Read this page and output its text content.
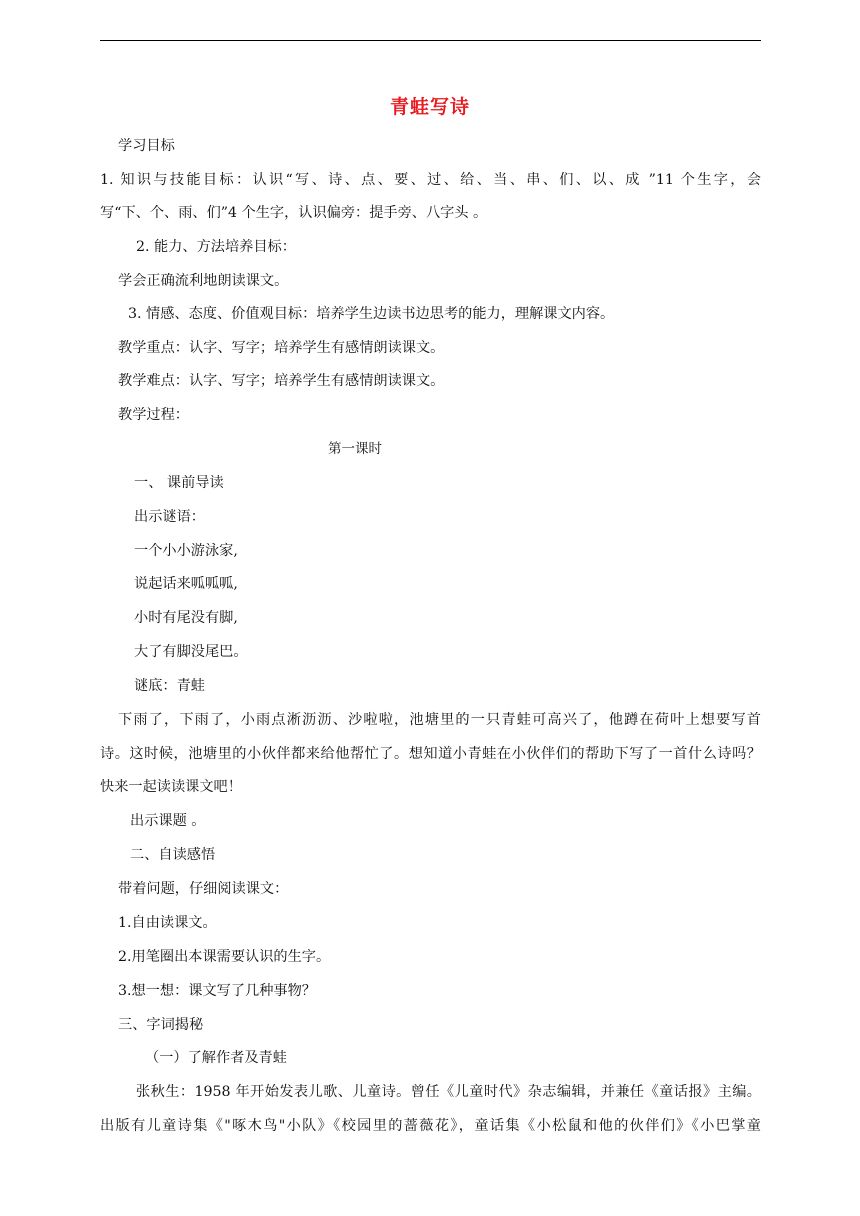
青蛙写诗
学习目标
1. 知识与技能目标：认识“写、诗、点、要、过、给、当、串、们、以、成 ”11 个生字，会
写“下、个、雨、们”4 个生字，认识偏旁：提手旁、八字头 。
2. 能力、方法培养目标：
学会正确流利地朗读课文。
3. 情感、态度、价值观目标：培养学生边读书边思考的能力，理解课文内容。
教学重点：认字、写字；培养学生有感情朗读课文。
教学难点：认字、写字；培养学生有感情朗读课文。
教学过程：
第一课时
一、 课前导读
出示谜语：
一个小小游泳家,
说起话来呱呱呱,
小时有尾没有脚,
大了有脚没尾巴。
谜底：青蛙
下雨了，下雨了，小雨点淅沥沥、沙啦啦，池塘里的一只青蛙可高兴了，他蹲在荷叶上想要写首
诗。这时候，池塘里的小伙伴都来给他帮忙了。想知道小青蛙在小伙伴们的帮助下写了一首什么诗吗？
快来一起读读课文吧！
出示课题 。
二、自读感悟
带着问题，仔细阅读课文：
1.自由读课文。
2.用笔圈出本课需要认识的生字。
3.想一想：课文写了几种事物？
三、字词揭秘
（一）了解作者及青蛙
张秋生：1958 年开始发表儿歌、儿童诗。曾任《儿童时代》杂志编辑，并兼任《童话报》主编。
出版有儿童诗集《"啄木鸟"小队》《校园里的蔷薇花》，童话集《小松鼠和他的伙伴们》《小巴掌童
